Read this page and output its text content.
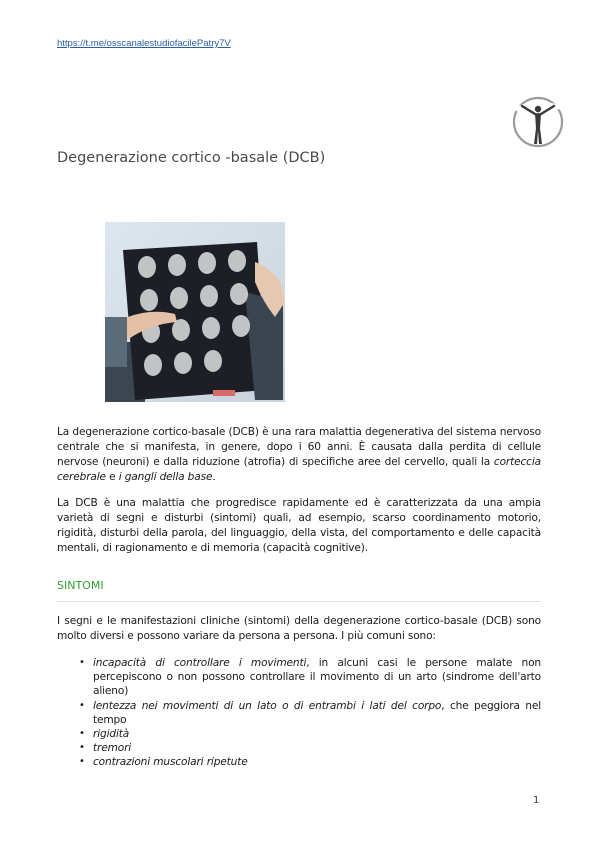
https://t.me/osscanalestudiofacilePatry7V
Degenerazione cortico -basale (DCB)

La degenerazione cortico-basale (DCB) è una rara malattia degenerativa del sistema nervoso centrale che si manifesta, in genere, dopo i 60 anni. È causata dalla perdita di cellule nervose (neuroni) e dalla riduzione (atrofia) di specifiche aree del cervello, quali la corteccia cerebrale e i gangli della base.

La DCB è una malattia che progredisce rapidamente ed è caratterizzata da una ampia varietà di segni e disturbi (sintomi) quali, ad esempio, scarso coordinamento motorio, rigidità, disturbi della parola, del linguaggio, della vista, del comportamento e delle capacità mentali, di ragionamento e di memoria (capacità cognitive).

SINTOMI

I segni e le manifestazioni cliniche (sintomi) della degenerazione cortico-basale (DCB) sono molto diversi e possono variare da persona a persona. I più comuni sono:

• incapacità di controllare i movimenti, in alcuni casi le persone malate non percepiscono o non possono controllare il movimento di un arto (sindrome dell'arto alieno)
• lentezza nei movimenti di un lato o di entrambi i lati del corpo, che peggiora nel tempo
• rigidità
• tremori
• contrazioni muscolari ripetute
1
